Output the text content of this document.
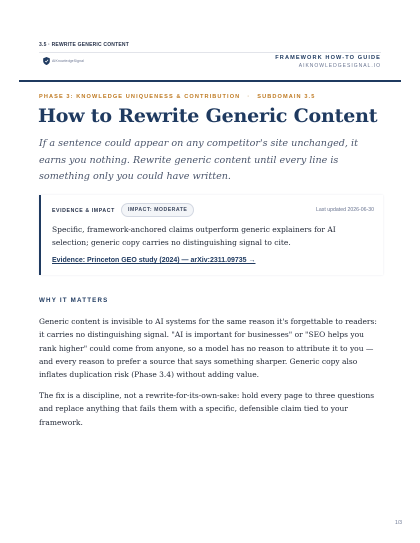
3.5 · REWRITE GENERIC CONTENT
AIKnowledgeSignal	FRAMEWORK HOW-TO GUIDE
AIKNOWLEDGESIGNAL.IO
PHASE 3: KNOWLEDGE UNIQUENESS & CONTRIBUTION · SUBDOMAIN 3.5
How to Rewrite Generic Content

If a sentence could appear on any competitor's site unchanged, it earns you nothing. Rewrite generic content until every line is something only you could have written.

EVIDENCE & IMPACT	IMPACT: MODERATE	Last updated 2026-06-30

Specific, framework-anchored claims outperform generic explainers for AI selection; generic copy carries no distinguishing signal to cite.

Evidence: Princeton GEO study (2024) — arXiv:2311.09735 →
WHY IT MATTERS

Generic content is invisible to AI systems for the same reason it's forgettable to readers: it carries no distinguishing signal. "AI is important for businesses" or "SEO helps you rank higher" could come from anyone, so a model has no reason to attribute it to you — and every reason to prefer a source that says something sharper. Generic copy also inflates duplication risk (Phase 3.4) without adding value.

The fix is a discipline, not a rewrite-for-its-own-sake: hold every page to three questions and replace anything that fails them with a specific, defensible claim tied to your framework.

1/3
